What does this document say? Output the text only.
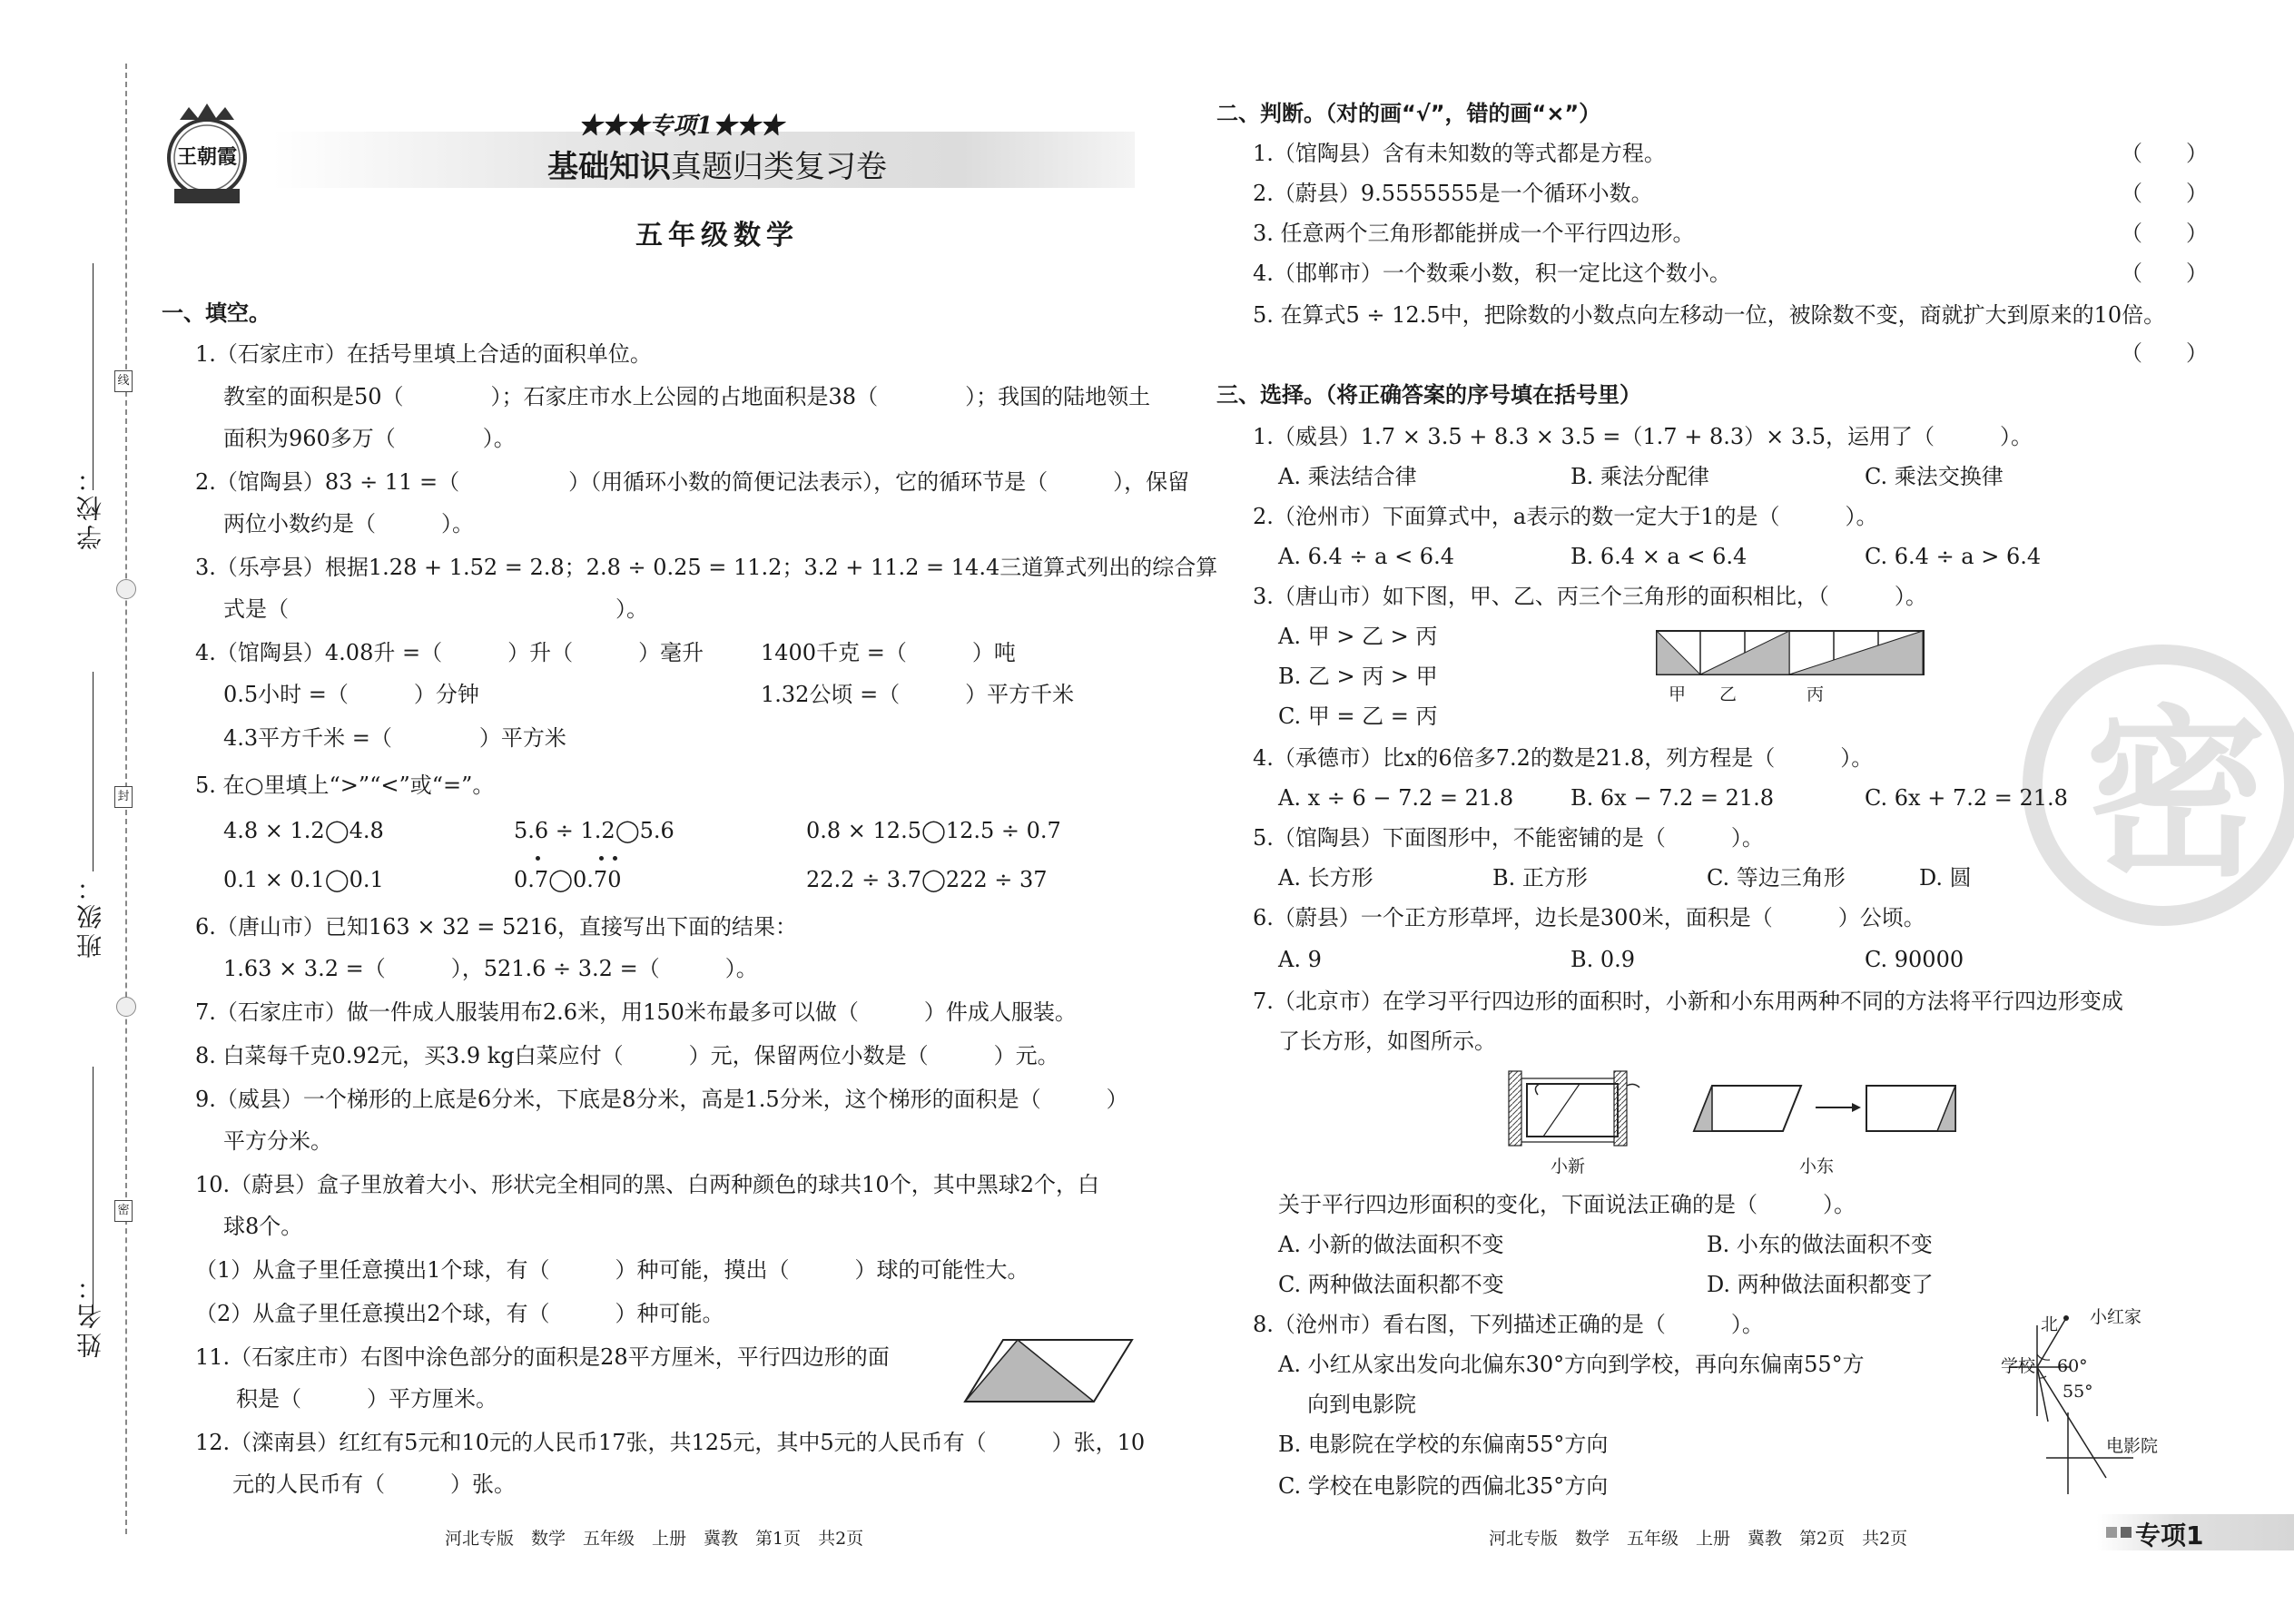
线
封
密
学校：
班级：
姓名：
王朝霞
★★★专项1★★★
基础知识真题归类复习卷
五年级数学
一、填空。
1.（石家庄市）在括号里填上合适的面积单位。
教室的面积是50（　　　　）；石家庄市水上公园的占地面积是38（　　　　）；我国的陆地领土
面积为960多万（　　　　）。
2.（馆陶县）83 ÷ 11 =（　　　　　）（用循环小数的简便记法表示），它的循环节是（　　　），保留
两位小数约是（　　　）。
3.（乐亭县）根据1.28 + 1.52 = 2.8；2.8 ÷ 0.25 = 11.2；3.2 + 11.2 = 14.4三道算式列出的综合算
式是（　　　　　　　　　　　　　　　）。
4.（馆陶县）4.08升 =（　　　）升（　　　）毫升	1400千克 =（　　　）吨
0.5小时 =（　　　）分钟	1.32公顷 =（　　　）平方千米
4.3平方千米 =（　　　　）平方米
5. 在○里填上“>”“<”或“=”。
4.8 × 1.2◯4.8	5.6 ÷ 1.2◯5.6	0.8 × 12.5◯12.5 ÷ 0.7
0.1 × 0.1◯0.1	0.7◯0.70	22.2 ÷ 3.7◯222 ÷ 37
6.（唐山市）已知163 × 32 = 5216，直接写出下面的结果：
1.63 × 3.2 =（　　　），521.6 ÷ 3.2 =（　　　）。
7.（石家庄市）做一件成人服装用布2.6米，用150米布最多可以做（　　　）件成人服装。
8. 白菜每千克0.92元，买3.9 kg白菜应付（　　　）元，保留两位小数是（　　　）元。
9.（威县）一个梯形的上底是6分米，下底是8分米，高是1.5分米，这个梯形的面积是（　　　）
平方分米。
10.（蔚县）盒子里放着大小、形状完全相同的黑、白两种颜色的球共10个，其中黑球2个，白
球8个。
（1）从盒子里任意摸出1个球，有（　　　）种可能，摸出（　　　）球的可能性大。
（2）从盒子里任意摸出2个球，有（　　　）种可能。
11.（石家庄市）右图中涂色部分的面积是28平方厘米，平行四边形的面
积是（　　　）平方厘米。
12.（滦南县）红红有5元和10元的人民币17张，共125元，其中5元的人民币有（　　　）张，10
元的人民币有（　　　）张。
河北专版　数学　五年级　上册　冀教　第1页　共2页
密
二、判断。（对的画“√”，错的画“×”）
1.（馆陶县）含有未知数的等式都是方程。	（　　）
2.（蔚县）9.5555555是一个循环小数。	（　　）
3. 任意两个三角形都能拼成一个平行四边形。	（　　）
4.（邯郸市）一个数乘小数，积一定比这个数小。	（　　）
5. 在算式5 ÷ 12.5中，把除数的小数点向左移动一位，被除数不变，商就扩大到原来的10倍。
（　　）
三、选择。（将正确答案的序号填在括号里）
1.（威县）1.7 × 3.5 + 8.3 × 3.5 =（1.7 + 8.3）× 3.5，运用了（　　　）。
A. 乘法结合律	B. 乘法分配律	C. 乘法交换律
2.（沧州市）下面算式中，a表示的数一定大于1的是（　　　）。
A. 6.4 ÷ a < 6.4	B. 6.4 × a < 6.4	C. 6.4 ÷ a > 6.4
3.（唐山市）如下图，甲、乙、丙三个三角形的面积相比，（　　　）。
A. 甲 > 乙 > 丙
B. 乙 > 丙 > 甲
C. 甲 = 乙 = 丙
甲 乙	丙
4.（承德市）比x的6倍多7.2的数是21.8，列方程是（　　　）。
A. x ÷ 6 − 7.2 = 21.8	B. 6x − 7.2 = 21.8	C. 6x + 7.2 = 21.8
5.（馆陶县）下面图形中，不能密铺的是（　　　）。
A. 长方形	B. 正方形	C. 等边三角形	D. 圆
6.（蔚县）一个正方形草坪，边长是300米，面积是（　　　）公顷。
A. 9	B. 0.9	C. 90000
7.（北京市）在学习平行四边形的面积时，小新和小东用两种不同的方法将平行四边形变成
了长方形，如图所示。
小新	小东
关于平行四边形面积的变化，下面说法正确的是（　　　）。
A. 小新的做法面积不变	B. 小东的做法面积不变
C. 两种做法面积都不变	D. 两种做法面积都变了
8.（沧州市）看右图，下列描述正确的是（　　　）。
A. 小红从家出发向北偏东30°方向到学校，再向东偏南55°方
向到电影院
B. 电影院在学校的东偏南55°方向
C. 学校在电影院的西偏北35°方向
北 小红家
学校 60°
55°
电影院
河北专版　数学　五年级　上册　冀教　第2页　共2页	专项1
